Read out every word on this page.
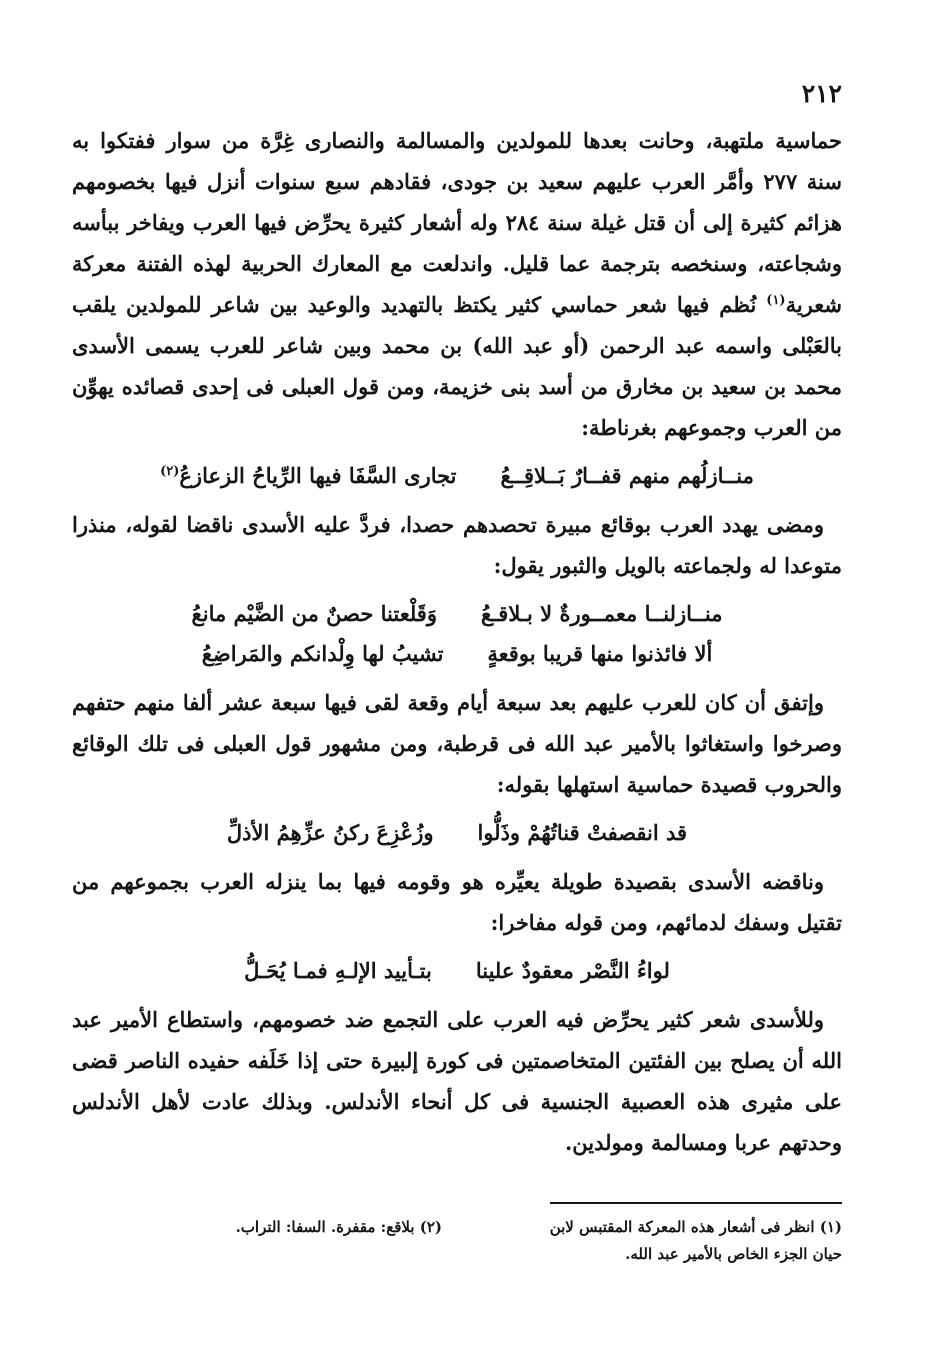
٢١٢

حماسية ملتهبة، وحانت بعدها للمولدين والمسالمة والنصارى غِرَّة من سوار ففتكوا به سنة ٢٧٧ وأمَّر العرب عليهم سعيد بن جودى، فقادهم سبع سنوات أنزل فيها بخصومهم هزائم كثيرة إلى أن قتل غيلة سنة ٢٨٤ وله أشعار كثيرة يحرِّض فيها العرب ويفاخر ببأسه وشجاعته، وسنخصه بترجمة عما قليل. واندلعت مع المعارك الحربية لهذه الفتنة معركة شعرية$^{(١)}$ نُظم فيها شعر حماسي كثير يكتظ بالتهديد والوعيد بين شاعر للمولدين يلقب بالعَبْلى واسمه عبد الرحمن (أو عبد الله) بن محمد وبين شاعر للعرب يسمى الأسدى محمد بن سعيد بن مخارق من أسد بنى خزيمة، ومن قول العبلى فى إحدى قصائده يهوِّن من العرب وجموعهم بغرناطة:

منــازلُهم منهم قفــارٌ بَــلاقِــعُ
تجارى السَّفَا فيها الرِّياحُ الزعازعُ$^{(٢)}$

ومضى يهدد العرب بوقائع مبيرة تحصدهم حصدا، فردَّ عليه الأسدى ناقضا لقوله، منذرا متوعدا له ولجماعته بالويل والثبور يقول:

منــازلنــا معمــورةٌ لا بـلاقـعُ
وَقَلْعتنا حصنٌ من الضَّيْم مانعُ
ألا فائذنوا منها قريبا بوقعةٍ
تشيبُ لها وِلْدانكم والمَراضِعُ

وإتفق أن كان للعرب عليهم بعد سبعة أيام وقعة لقى فيها سبعة عشر ألفا منهم حتفهم وصرخوا واستغاثوا بالأمير عبد الله فى قرطبة، ومن مشهور قول العبلى فى تلك الوقائع والحروب قصيدة حماسية استهلها بقوله:

قد انقصفتْ قناتُهُمْ وذَلُّوا
وزُعْزِعَ ركنُ عزِّهِمُ الأذلِّ

وناقضه الأسدى بقصيدة طويلة يعيِّره هو وقومه فيها بما ينزله العرب بجموعهم من تقتيل وسفك لدمائهم، ومن قوله مفاخرا:

لواءُ النَّصْر معقودٌ علينا
بتـأييد الإلـهِ فمـا يُحَـلُّ

وللأسدى شعر كثير يحرِّض فيه العرب على التجمع ضد خصومهم، واستطاع الأمير عبد الله أن يصلح بين الفئتين المتخاصمتين فى كورة إلبيرة حتى إذا خَلَفه حفيده الناصر قضى على مثيرى هذه العصبية الجنسية فى كل أنحاء الأندلس. وبذلك عادت لأهل الأندلس وحدتهم عربا ومسالمة ومولدين.

(١) انظر فى أشعار هذه المعركة المقتبس لابن
(٢) بلاقع: مقفرة. السفا: التراب.
حيان الجزء الخاص بالأمير عبد الله.
